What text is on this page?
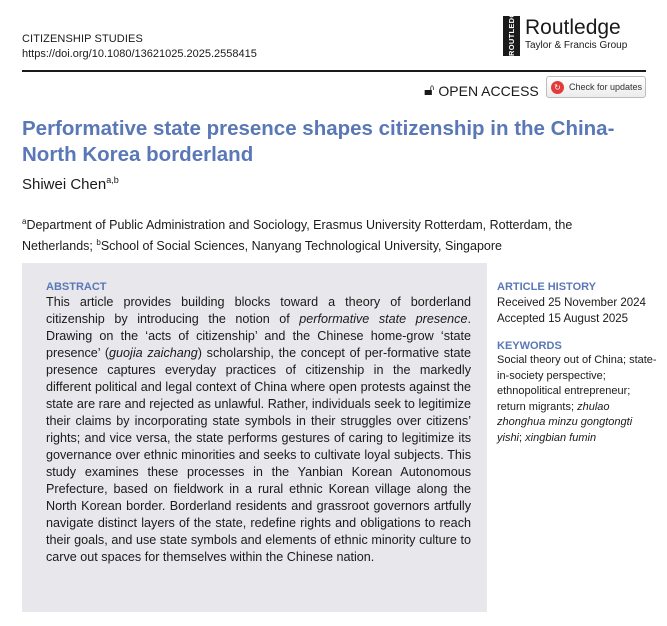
CITIZENSHIP STUDIES
https://doi.org/10.1080/13621025.2025.2558415	ROUTLEDGE Routledge
Taylor & Francis Group
🔓︎ OPEN ACCESS	↻ Check for updates
Performative state presence shapes citizenship in the China-North Korea borderland
Shiwei Chen$^{a,b}$
$^a$Department of Public Administration and Sociology, Erasmus University Rotterdam, Rotterdam, the Netherlands; $^b$School of Social Sciences, Nanyang Technological University, Singapore
ABSTRACT

This article provides building blocks toward a theory of borderland citizenship by introducing the notion of performative state presence. Drawing on the ‘acts of citizenship’ and the Chinese home-grow ‘state presence’ (guojia zaichang) scholarship, the concept of per-formative state presence captures everyday practices of citizenship in the markedly different political and legal context of China where open protests against the state are rare and rejected as unlawful. Rather, individuals seek to legitimize their claims by incorporating state symbols in their struggles over citizens’ rights; and vice versa, the state performs gestures of caring to legitimize its governance over ethnic minorities and seeks to cultivate loyal subjects. This study examines these processes in the Yanbian Korean Autonomous Prefecture, based on fieldwork in a rural ethnic Korean village along the North Korean border. Borderland residents and grassroot governors artfully navigate distinct layers of the state, redefine rights and obligations to reach their goals, and use state symbols and elements of ethnic minority culture to carve out spaces for themselves within the Chinese nation.

ARTICLE HISTORY
Received 25 November 2024
Accepted 15 August 2025
KEYWORDS

Social theory out of China; state-in-society perspective; ethnopolitical entrepreneur; return migrants; zhulao zhonghua minzu gongtongti yishi; xingbian fumin
